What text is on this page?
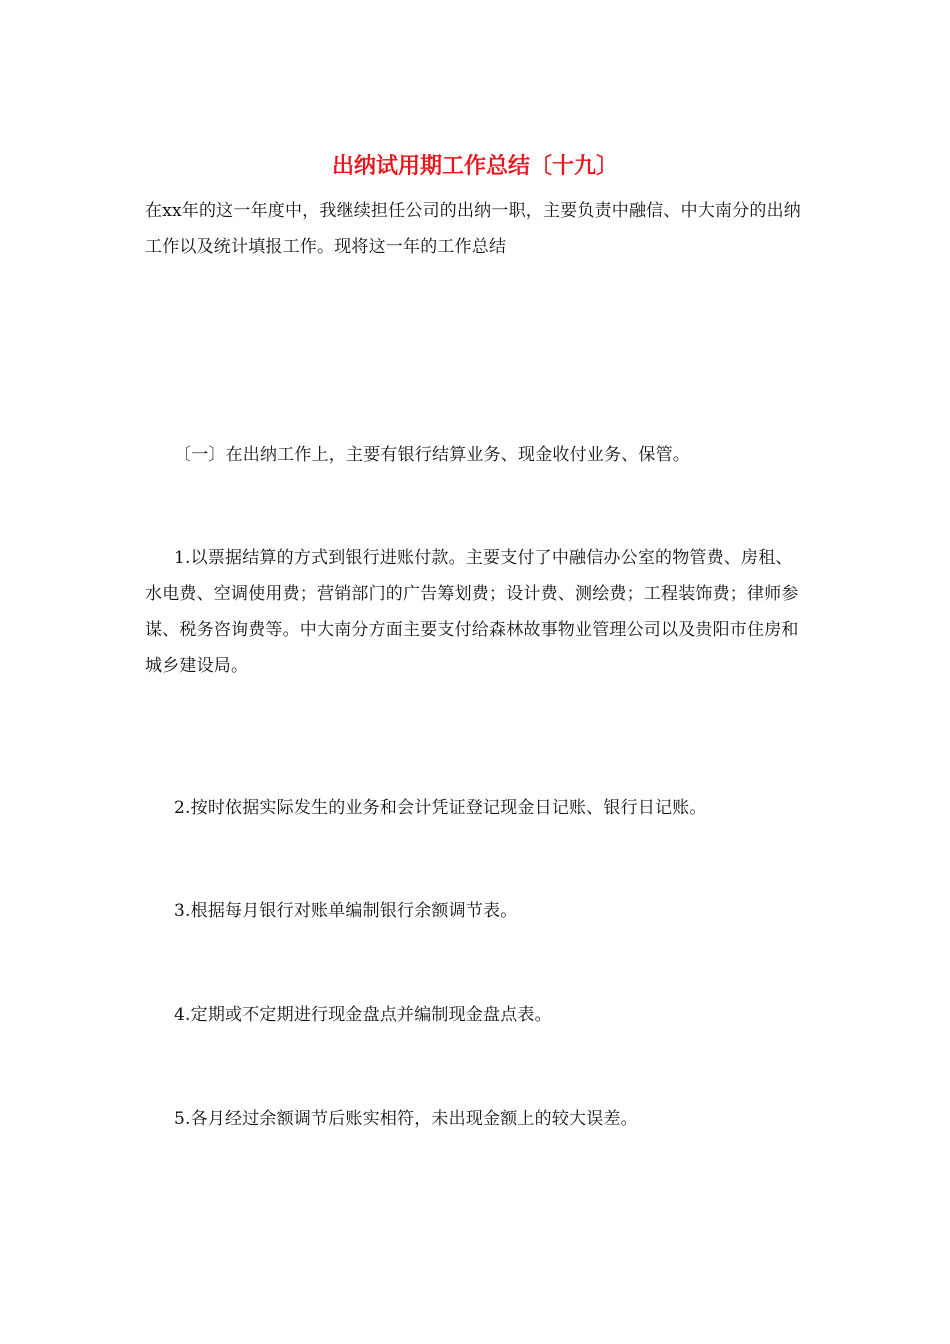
出纳试用期工作总结〔十九〕

在xx年的这一年度中，我继续担任公司的出纳一职，主要负责中融信、中大南分的出纳工作以及统计填报工作。现将这一年的工作总结

〔一〕在出纳工作上，主要有银行结算业务、现金收付业务、保管。

1.以票据结算的方式到银行进账付款。主要支付了中融信办公室的物管费、房租、水电费、空调使用费；营销部门的广告筹划费；设计费、测绘费；工程装饰费；律师参谋、税务咨询费等。中大南分方面主要支付给森林故事物业管理公司以及贵阳市住房和城乡建设局。

2.按时依据实际发生的业务和会计凭证登记现金日记账、银行日记账。

3.根据每月银行对账单编制银行余额调节表。

4.定期或不定期进行现金盘点并编制现金盘点表。

5.各月经过余额调节后账实相符，未出现金额上的较大误差。
